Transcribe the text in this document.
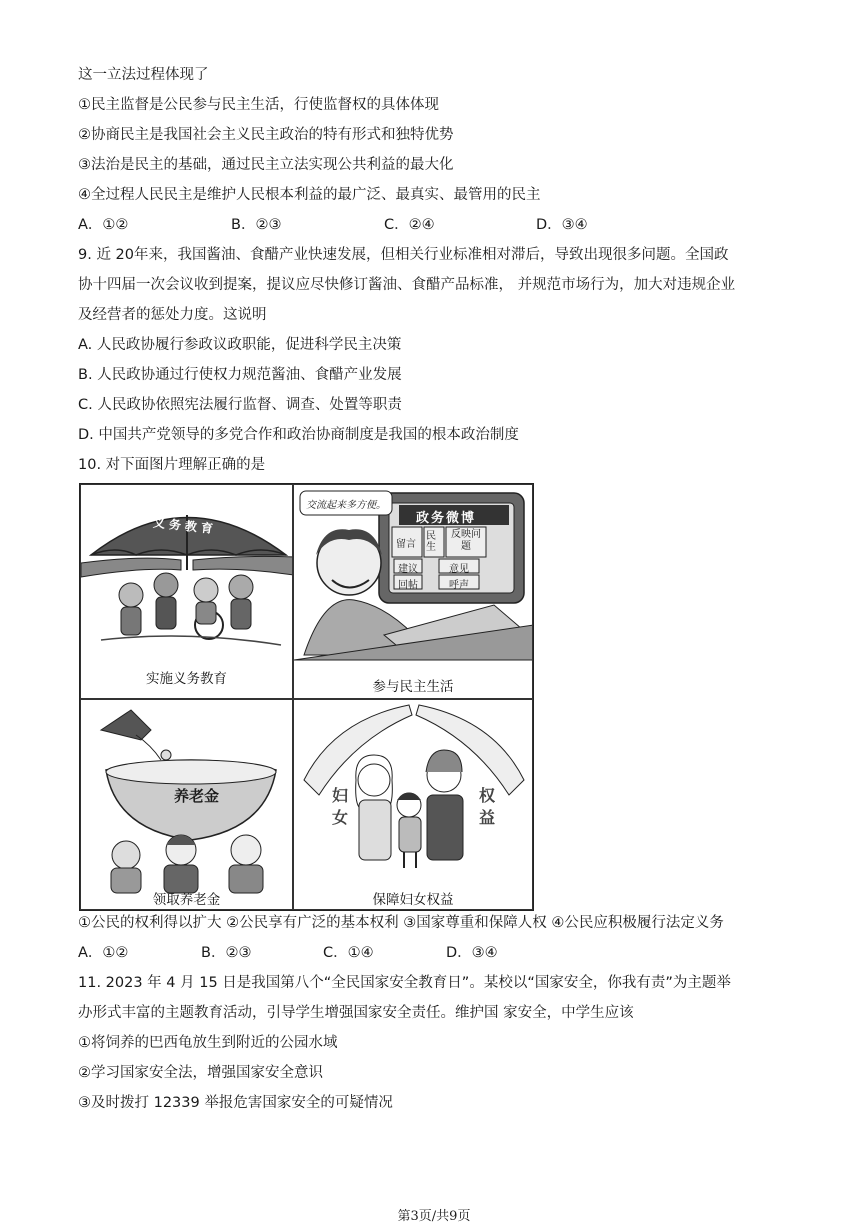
这一立法过程体现了
①民主监督是公民参与民主生活，行使监督权的具体体现
②协商民主是我国社会主义民主政治的特有形式和独特优势
③法治是民主的基础，通过民主立法实现公共利益的最大化
④全过程人民民主是维护人民根本利益的最广泛、最真实、最管用的民主
A．①②	B．②③	C．②④	D．③④
9. 近 20年来，我国酱油、食醋产业快速发展，但相关行业标准相对滞后，导致出现很多问题。全国政
协十四届一次会议收到提案，提议应尽快修订酱油、食醋产品标准， 并规范市场行为，加大对违规企业
及经营者的惩处力度。这说明
A. 人民政协履行参政议政职能，促进科学民主决策
B. 人民政协通过行使权力规范酱油、食醋产业发展
C. 人民政协依照宪法履行监督、调查、处置等职责
D. 中国共产党领导的多党合作和政治协商制度是我国的根本政治制度
10. 对下面图片理解正确的是
义务教育
实施义务教育
交流起来多方便。
政务微博
留言
民生
反映问题
建议	意见
回帖	呼声
参与民主生活
养老金
领取养老金
妇女
权益
保障妇女权益
①公民的权利得以扩大 ②公民享有广泛的基本权利 ③国家尊重和保障人权 ④公民应积极履行法定义务
A．①②	B．②③	C．①④	D．③④
11. 2023 年 4 月 15 日是我国第八个“全民国家安全教育日”。某校以“国家安全，你我有责”为主题举
办形式丰富的主题教育活动，引导学生增强国家安全责任。维护国 家安全，中学生应该
①将饲养的巴西龟放生到附近的公园水域
②学习国家安全法，增强国家安全意识
③及时拨打 12339 举报危害国家安全的可疑情况
第3页/共9页
